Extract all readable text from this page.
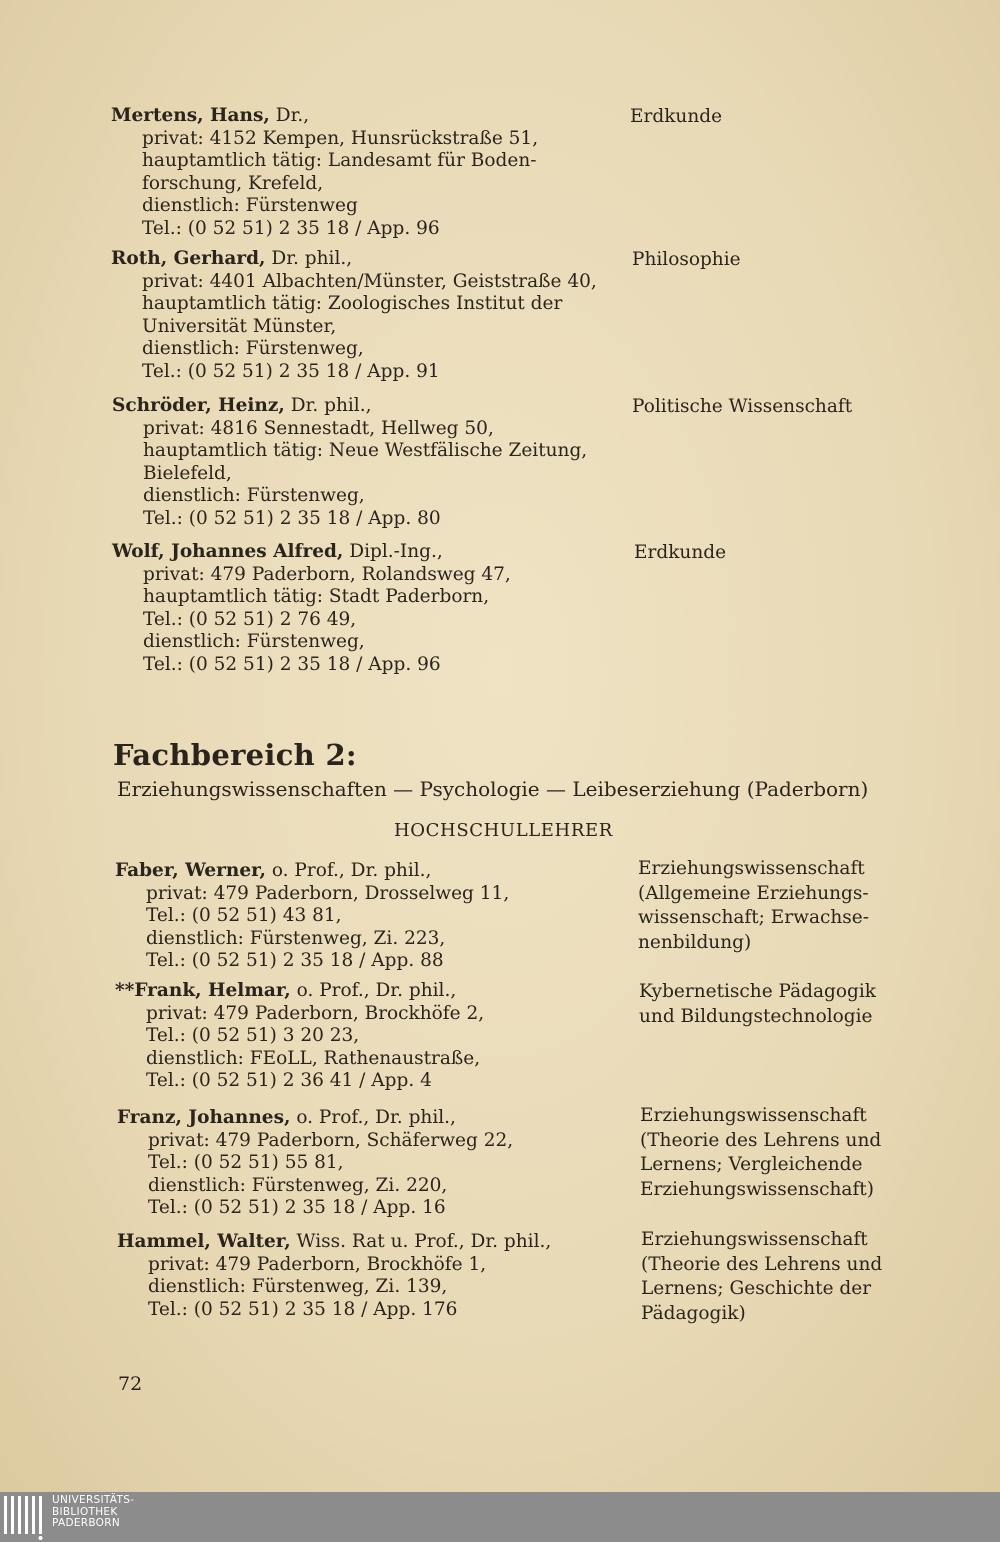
Mertens, Hans, Dr.,
privat: 4152 Kempen, Hunsrückstraße 51,
hauptamtlich tätig: Landesamt für Boden-
forschung, Krefeld,
dienstlich: Fürstenweg
Tel.: (0 52 51) 2 35 18 / App. 96
Erdkunde
Roth, Gerhard, Dr. phil.,
privat: 4401 Albachten/Münster, Geiststraße 40,
hauptamtlich tätig: Zoologisches Institut der
Universität Münster,
dienstlich: Fürstenweg,
Tel.: (0 52 51) 2 35 18 / App. 91
Philosophie
Schröder, Heinz, Dr. phil.,
privat: 4816 Sennestadt, Hellweg 50,
hauptamtlich tätig: Neue Westfälische Zeitung,
Bielefeld,
dienstlich: Fürstenweg,
Tel.: (0 52 51) 2 35 18 / App. 80
Politische Wissenschaft
Wolf, Johannes Alfred, Dipl.-Ing.,
privat: 479 Paderborn, Rolandsweg 47,
hauptamtlich tätig: Stadt Paderborn,
Tel.: (0 52 51) 2 76 49,
dienstlich: Fürstenweg,
Tel.: (0 52 51) 2 35 18 / App. 96
Erdkunde
Fachbereich 2:
Erziehungswissenschaften — Psychologie — Leibeserziehung (Paderborn)
HOCHSCHULLEHRER
Faber, Werner, o. Prof., Dr. phil.,
privat: 479 Paderborn, Drosselweg 11,
Tel.: (0 52 51) 43 81,
dienstlich: Fürstenweg, Zi. 223,
Tel.: (0 52 51) 2 35 18 / App. 88
Erziehungswissenschaft
(Allgemeine Erziehungs-
wissenschaft; Erwachse-
nenbildung)
**Frank, Helmar, o. Prof., Dr. phil.,
privat: 479 Paderborn, Brockhöfe 2,
Tel.: (0 52 51) 3 20 23,
dienstlich: FEoLL, Rathenaustraße,
Tel.: (0 52 51) 2 36 41 / App. 4
Kybernetische Pädagogik
und Bildungstechnologie
Franz, Johannes, o. Prof., Dr. phil.,
privat: 479 Paderborn, Schäferweg 22,
Tel.: (0 52 51) 55 81,
dienstlich: Fürstenweg, Zi. 220,
Tel.: (0 52 51) 2 35 18 / App. 16
Erziehungswissenschaft
(Theorie des Lehrens und
Lernens; Vergleichende
Erziehungswissenschaft)
Hammel, Walter, Wiss. Rat u. Prof., Dr. phil.,
privat: 479 Paderborn, Brockhöfe 1,
dienstlich: Fürstenweg, Zi. 139,
Tel.: (0 52 51) 2 35 18 / App. 176
Erziehungswissenschaft
(Theorie des Lehrens und
Lernens; Geschichte der
Pädagogik)
72
UNIVERSITÄTS-
BIBLIOTHEK
PADERBORN
